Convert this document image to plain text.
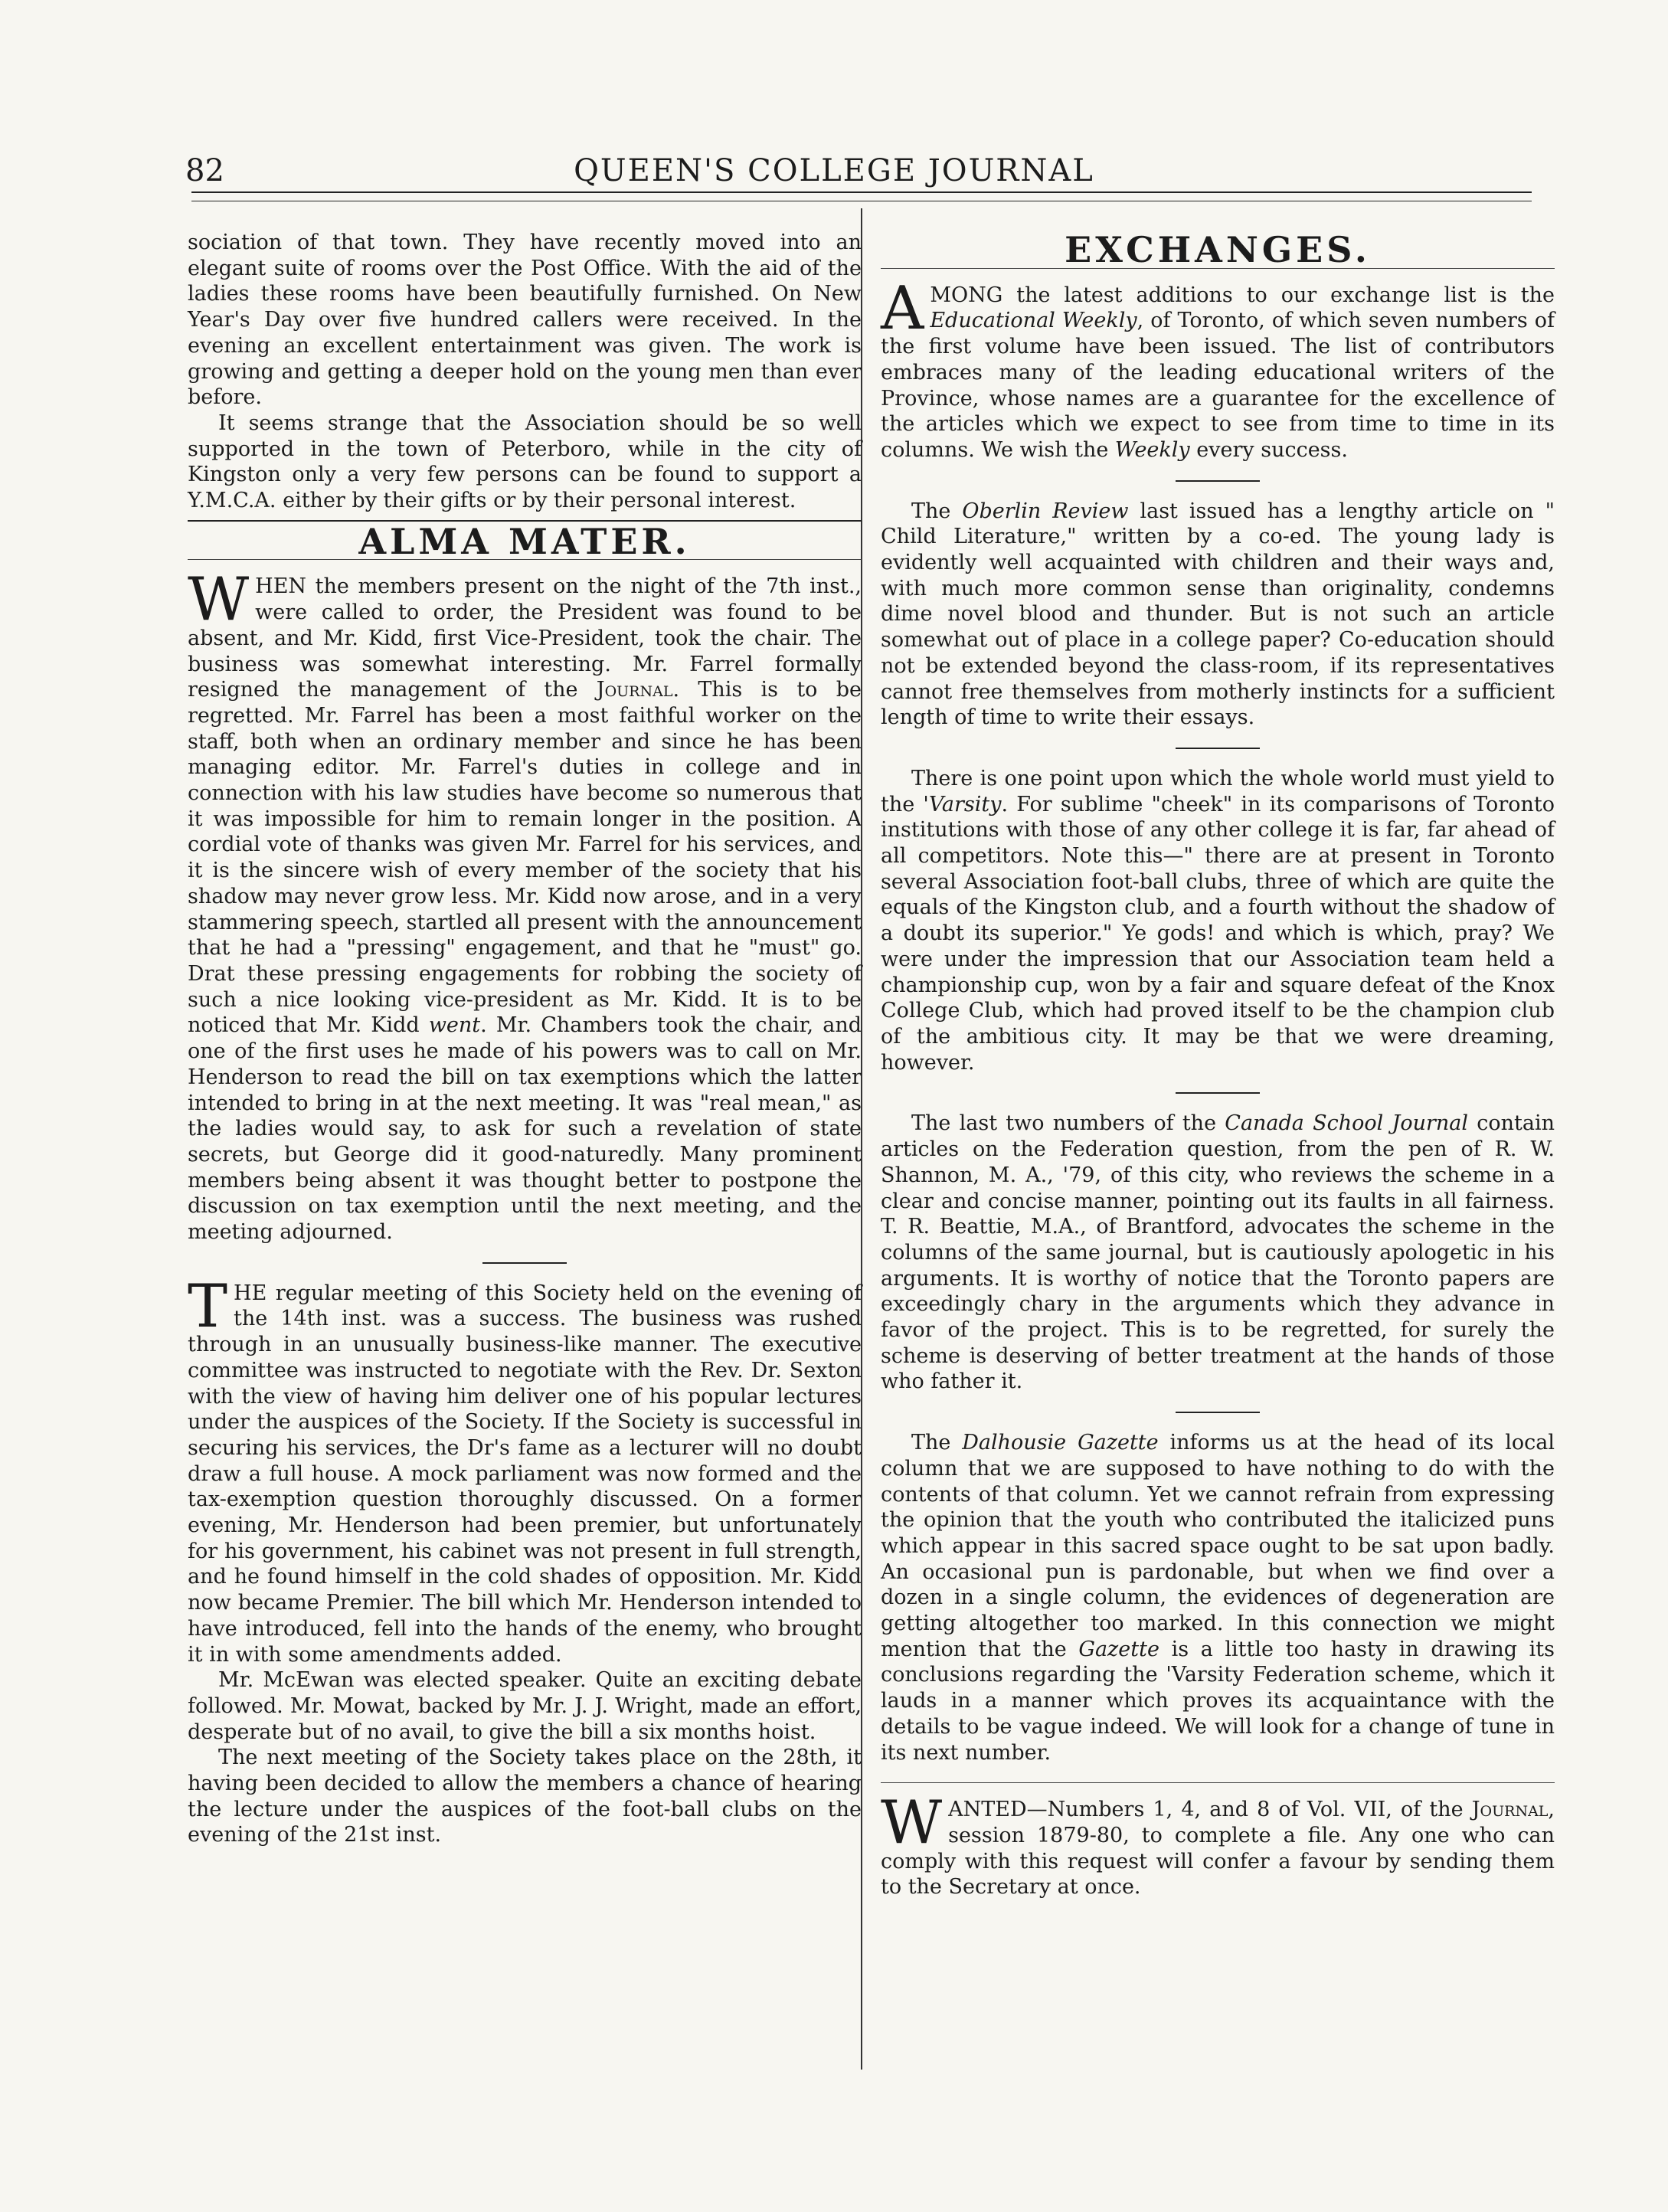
82	QUEEN'S COLLEGE JOURNAL

sociation of that town. They have recently moved into an elegant suite of rooms over the Post Office. With the aid of the ladies these rooms have been beautifully furnished. On New Year's Day over five hundred callers were received. In the evening an excellent entertainment was given. The work is growing and getting a deeper hold on the young men than ever before.

It seems strange that the Association should be so well supported in the town of Peterboro, while in the city of Kingston only a very few persons can be found to support a Y.M.C.A. either by their gifts or by their personal interest.

ALMA MATER.

WHEN the members present on the night of the 7th inst., were called to order, the President was found to be absent, and Mr. Kidd, first Vice-President, took the chair. The business was somewhat interesting. Mr. Farrel formally resigned the management of the Journal. This is to be regretted. Mr. Farrel has been a most faithful worker on the staff, both when an ordinary member and since he has been managing editor. Mr. Farrel's duties in college and in connection with his law studies have become so numerous that it was impossible for him to remain longer in the position. A cordial vote of thanks was given Mr. Farrel for his services, and it is the sincere wish of every member of the society that his shadow may never grow less. Mr. Kidd now arose, and in a very stammering speech, startled all present with the announcement that he had a "pressing" engagement, and that he "must" go. Drat these pressing engagements for robbing the society of such a nice looking vice-president as Mr. Kidd. It is to be noticed that Mr. Kidd went. Mr. Chambers took the chair, and one of the first uses he made of his powers was to call on Mr. Henderson to read the bill on tax exemptions which the latter intended to bring in at the next meeting. It was "real mean," as the ladies would say, to ask for such a revelation of state secrets, but George did it good-naturedly. Many prominent members being absent it was thought better to postpone the discussion on tax exemption until the next meeting, and the meeting adjourned.

THE regular meeting of this Society held on the evening of the 14th inst. was a success. The business was rushed through in an unusually business-like manner. The executive committee was instructed to negotiate with the Rev. Dr. Sexton with the view of having him deliver one of his popular lectures under the auspices of the Society. If the Society is successful in securing his services, the Dr's fame as a lecturer will no doubt draw a full house. A mock parliament was now formed and the tax-exemption question thoroughly discussed. On a former evening, Mr. Henderson had been premier, but unfortunately for his government, his cabinet was not present in full strength, and he found himself in the cold shades of opposition. Mr. Kidd now became Premier. The bill which Mr. Henderson intended to have introduced, fell into the hands of the enemy, who brought it in with some amendments added.

Mr. McEwan was elected speaker. Quite an exciting debate followed. Mr. Mowat, backed by Mr. J. J. Wright, made an effort, desperate but of no avail, to give the bill a six months hoist.

The next meeting of the Society takes place on the 28th, it having been decided to allow the members a chance of hearing the lecture under the auspices of the foot-ball clubs on the evening of the 21st inst.

EXCHANGES.

AMONG the latest additions to our exchange list is the Educational Weekly, of Toronto, of which seven numbers of the first volume have been issued. The list of contributors embraces many of the leading educational writers of the Province, whose names are a guarantee for the excellence of the articles which we expect to see from time to time in its columns. We wish the Weekly every success.

The Oberlin Review last issued has a lengthy article on " Child Literature," written by a co-ed. The young lady is evidently well acquainted with children and their ways and, with much more common sense than originality, condemns dime novel blood and thunder. But is not such an article somewhat out of place in a college paper? Co-education should not be extended beyond the class-room, if its representatives cannot free themselves from motherly instincts for a sufficient length of time to write their essays.

There is one point upon which the whole world must yield to the 'Varsity. For sublime "cheek" in its comparisons of Toronto institutions with those of any other college it is far, far ahead of all competitors. Note this—" there are at present in Toronto several Association foot-ball clubs, three of which are quite the equals of the Kingston club, and a fourth without the shadow of a doubt its superior." Ye gods! and which is which, pray? We were under the impression that our Association team held a championship cup, won by a fair and square defeat of the Knox College Club, which had proved itself to be the champion club of the ambitious city. It may be that we were dreaming, however.

The last two numbers of the Canada School Journal contain articles on the Federation question, from the pen of R. W. Shannon, M. A., '79, of this city, who reviews the scheme in a clear and concise manner, pointing out its faults in all fairness. T. R. Beattie, M.A., of Brantford, advocates the scheme in the columns of the same journal, but is cautiously apologetic in his arguments. It is worthy of notice that the Toronto papers are exceedingly chary in the arguments which they advance in favor of the project. This is to be regretted, for surely the scheme is deserving of better treatment at the hands of those who father it.

The Dalhousie Gazette informs us at the head of its local column that we are supposed to have nothing to do with the contents of that column. Yet we cannot refrain from expressing the opinion that the youth who contributed the italicized puns which appear in this sacred space ought to be sat upon badly. An occasional pun is pardonable, but when we find over a dozen in a single column, the evidences of degeneration are getting altogether too marked. In this connection we might mention that the Gazette is a little too hasty in drawing its conclusions regarding the 'Varsity Federation scheme, which it lauds in a manner which proves its acquaintance with the details to be vague indeed. We will look for a change of tune in its next number.

WANTED—Numbers 1, 4, and 8 of Vol. VII, of the Journal, session 1879-80, to complete a file. Any one who can comply with this request will confer a favour by sending them to the Secretary at once.
